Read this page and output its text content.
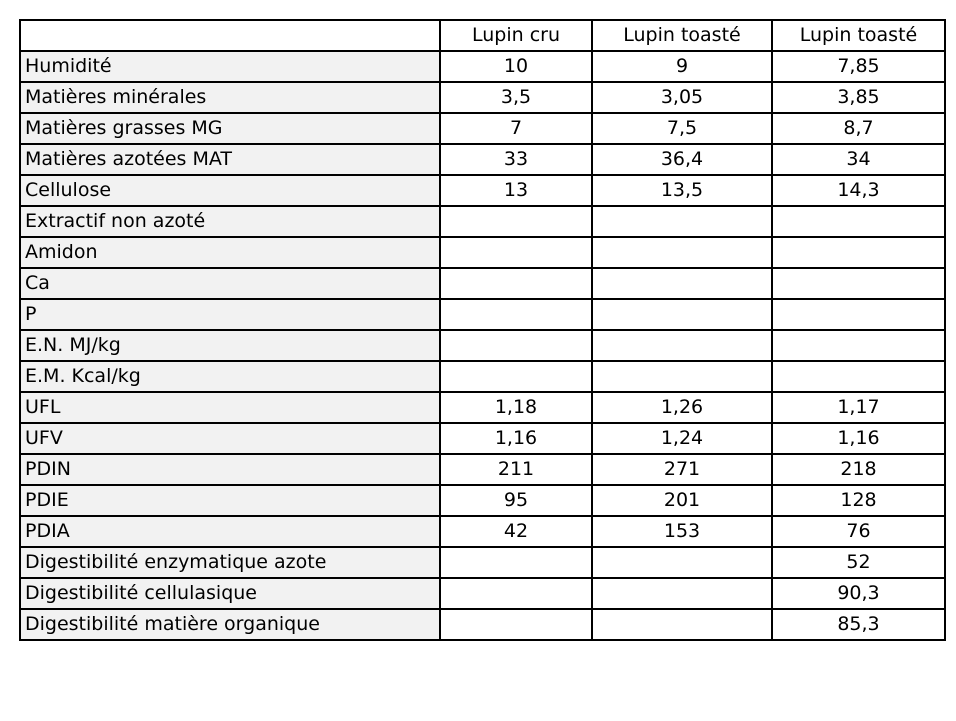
	Lupin cru	Lupin toasté	Lupin toasté
Humidité	10	9	7,85
Matières minérales	3,5	3,05	3,85
Matières grasses MG	7	7,5	8,7
Matières azotées MAT	33	36,4	34
Cellulose	13	13,5	14,3
Extractif non azoté			
Amidon			
Ca			
P			
E.N. MJ/kg			
E.M. Kcal/kg			
UFL	1,18	1,26	1,17
UFV	1,16	1,24	1,16
PDIN	211	271	218
PDIE	95	201	128
PDIA	42	153	76
Digestibilité enzymatique azote			52
Digestibilité cellulasique			90,3
Digestibilité matière organique			85,3
